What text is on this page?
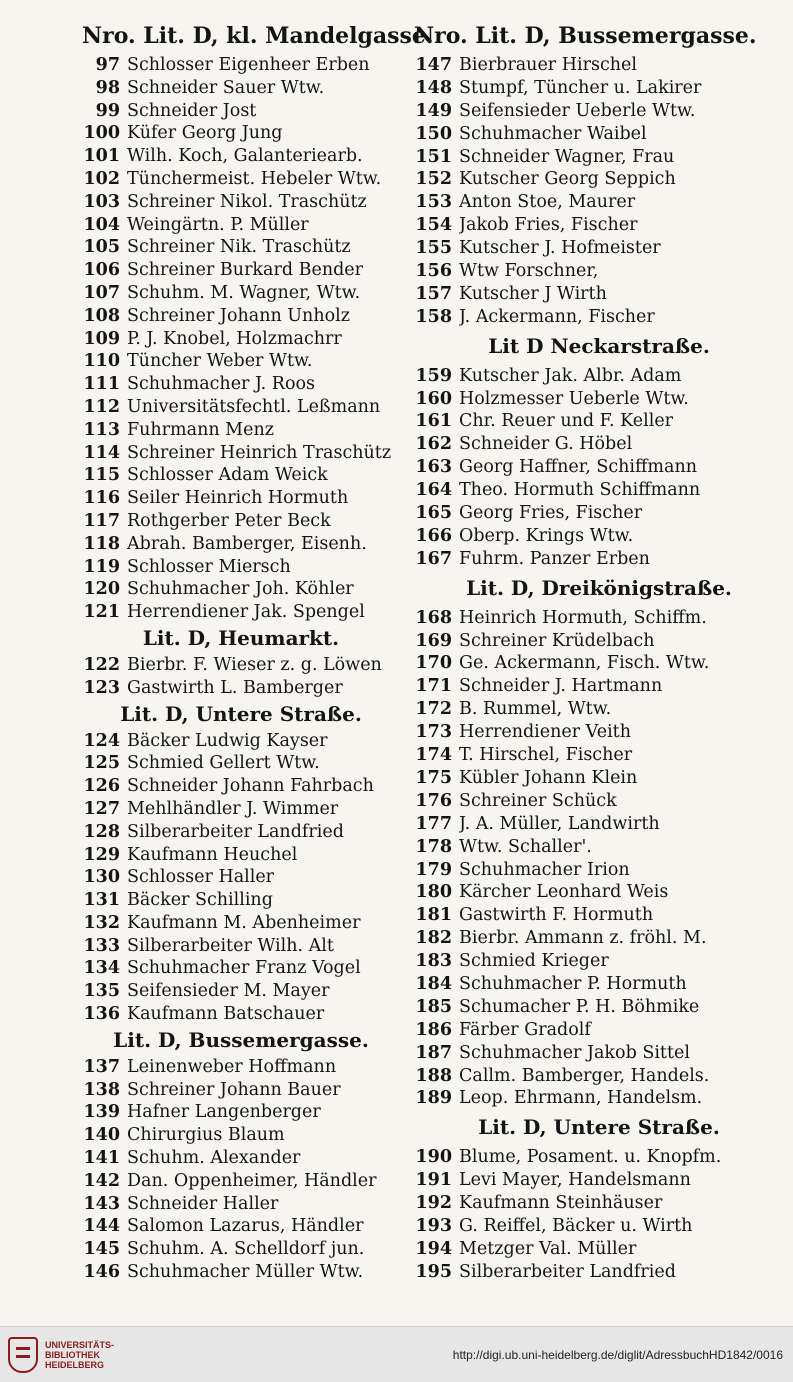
Nro. Lit. D, kl. Mandelgasse.
97 Schlosser Eigenheer Erben
98 Schneider Sauer Wtw.
99 Schneider Jost
100 Küfer Georg Jung
101 Wilh. Koch, Galanteriearb.
102 Tünchermeist. Hebeler Wtw.
103 Schreiner Nikol. Traschütz
104 Weingärtn. P. Müller
105 Schreiner Nik. Traschütz
106 Schreiner Burkard Bender
107 Schuhm. M. Wagner, Wtw.
108 Schreiner Johann Unholz
109 P. J. Knobel, Holzmachrr
110 Tüncher Weber Wtw.
111 Schuhmacher J. Roos
112 Universitätsfechtl. Leßmann
113 Fuhrmann Menz
114 Schreiner Heinrich Traschütz
115 Schlosser Adam Weick
116 Seiler Heinrich Hormuth
117 Rothgerber Peter Beck
118 Abrah. Bamberger, Eisenh.
119 Schlosser Miersch
120 Schuhmacher Joh. Köhler
121 Herrendiener Jak. Spengel
Lit. D, Heumarkt.
122 Bierbr. F. Wieser z. g. Löwen
123 Gastwirth L. Bamberger
Lit. D, Untere Straße.
124 Bäcker Ludwig Kayser
125 Schmied Gellert Wtw.
126 Schneider Johann Fahrbach
127 Mehlhändler J. Wimmer
128 Silberarbeiter Landfried
129 Kaufmann Heuchel
130 Schlosser Haller
131 Bäcker Schilling
132 Kaufmann M. Abenheimer
133 Silberarbeiter Wilh. Alt
134 Schuhmacher Franz Vogel
135 Seifensieder M. Mayer
136 Kaufmann Batschauer
Lit. D, Bussemergasse.
137 Leinenweber Hoffmann
138 Schreiner Johann Bauer
139 Hafner Langenberger
140 Chirurgius Blaum
141 Schuhm. Alexander
142 Dan. Oppenheimer, Händler
143 Schneider Haller
144 Salomon Lazarus, Händler
145 Schuhm. A. Schelldorf jun.
146 Schuhmacher Müller Wtw.
Nro. Lit. D, Bussemergasse.
147 Bierbrauer Hirschel
148 Stumpf, Tüncher u. Lakirer
149 Seifensieder Ueberle Wtw.
150 Schuhmacher Waibel
151 Schneider Wagner, Frau
152 Kutscher Georg Seppich
153 Anton Stoe, Maurer
154 Jakob Fries, Fischer
155 Kutscher J. Hofmeister
156 Wtw Forschner,
157 Kutscher J Wirth
158 J. Ackermann, Fischer
Lit D Neckarstraße.
159 Kutscher Jak. Albr. Adam
160 Holzmesser Ueberle Wtw.
161 Chr. Reuer und F. Keller
162 Schneider G. Höbel
163 Georg Haffner, Schiffmann
164 Theo. Hormuth Schiffmann
165 Georg Fries, Fischer
166 Oberp. Krings Wtw.
167 Fuhrm. Panzer Erben
Lit. D, Dreikönigstraße.
168 Heinrich Hormuth, Schiffm.
169 Schreiner Krüdelbach
170 Ge. Ackermann, Fisch. Wtw.
171 Schneider J. Hartmann
172 B. Rummel, Wtw.
173 Herrendiener Veith
174 T. Hirschel, Fischer
175 Kübler Johann Klein
176 Schreiner Schück
177 J. A. Müller, Landwirth
178 Wtw. Schaller'.
179 Schuhmacher Irion
180 Kärcher Leonhard Weis
181 Gastwirth F. Hormuth
182 Bierbr. Ammann z. fröhl. M.
183 Schmied Krieger
184 Schuhmacher P. Hormuth
185 Schumacher P. H. Böhmike
186 Färber Gradolf
187 Schuhmacher Jakob Sittel
188 Callm. Bamberger, Handels.
189 Leop. Ehrmann, Handelsm.
Lit. D, Untere Straße.
190 Blume, Posament. u. Knopfm.
191 Levi Mayer, Handelsmann
192 Kaufmann Steinhäuser
193 G. Reiffel, Bäcker u. Wirth
194 Metzger Val. Müller
195 Silberarbeiter Landfried
UNIVERSITÄTS-
BIBLIOTHEK
HEIDELBERG
http://digi.ub.uni-heidelberg.de/diglit/AdressbuchHD1842/0016
